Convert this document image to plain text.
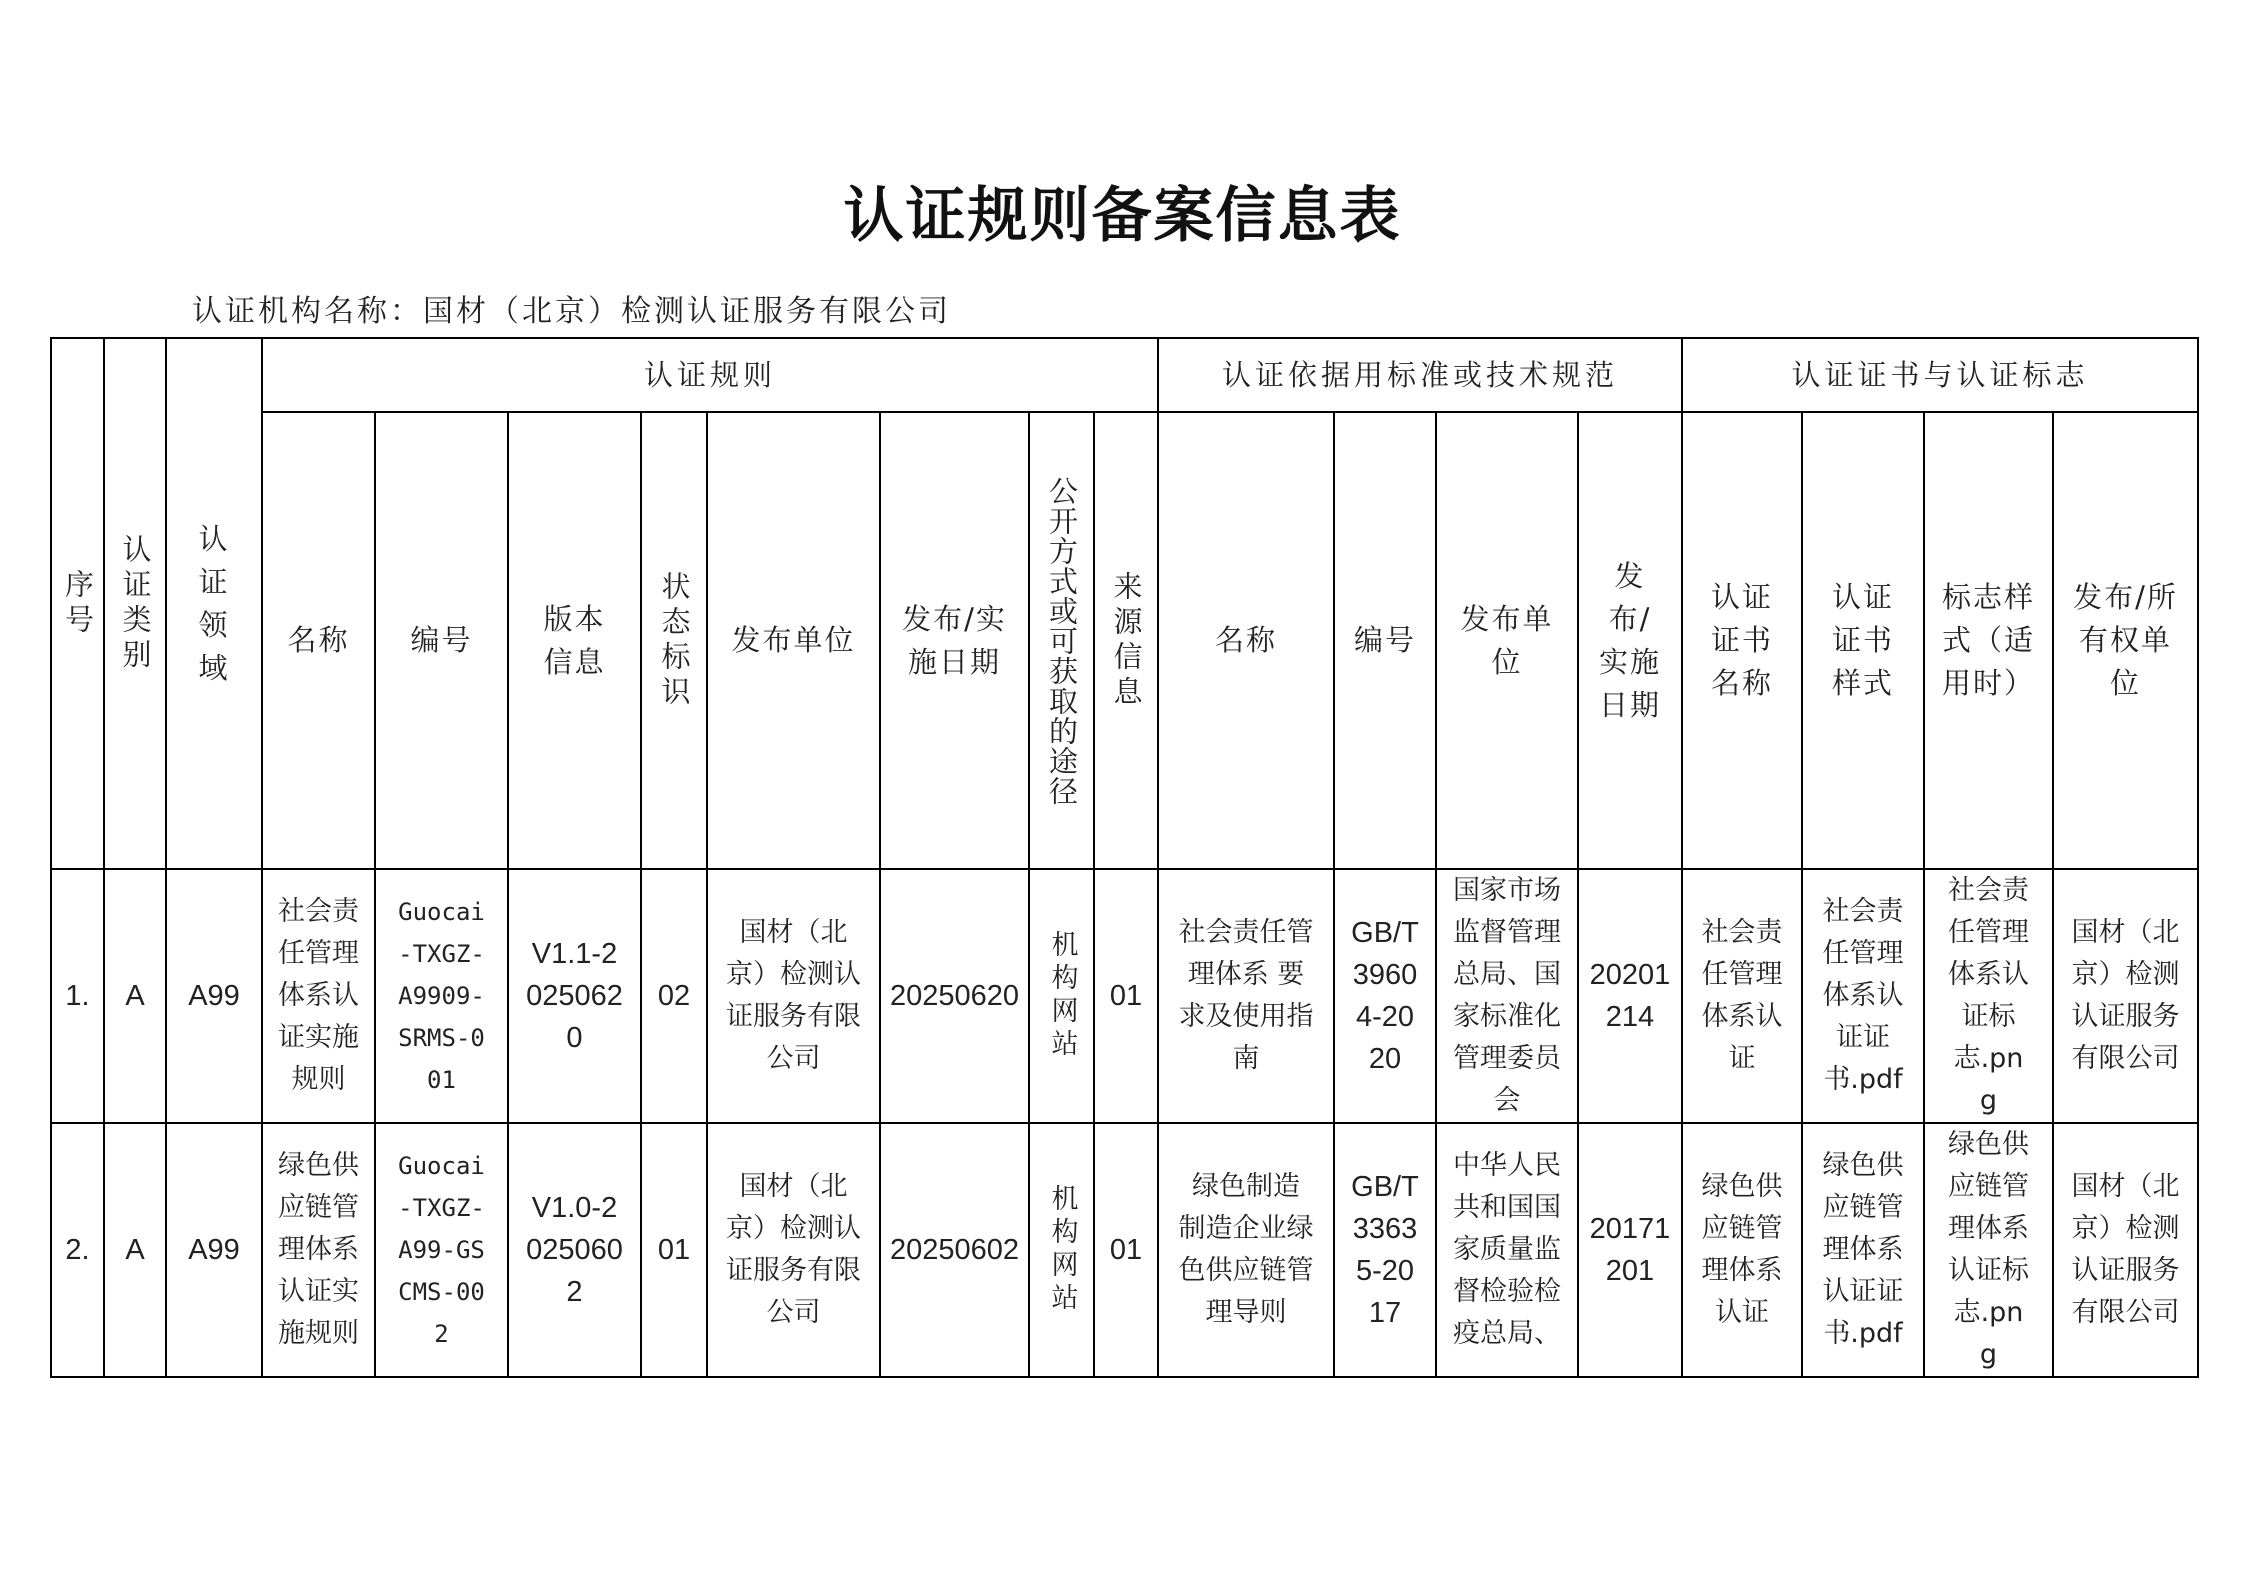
认证规则备案信息表
认证机构名称：国材（北京）检测认证服务有限公司
序号	认证类别	认证领域	认证规则								认证依据用标准或技术规范				认证证书与认证标志			
			名称	编号	版本信息	状态标识	发布单位	发布/实施日期	公开方式或可获取的途径	来源信息	名称	编号	发布单位	发布/实施日期	认证证书名称	认证证书样式	标志样式（适用时）	发布/所有权单位
1.	A	A99	社会责任管理体系认证实施规则	Guocai-TXGZ-A9909-SRMS-001	V1.1-20250620	02	国材（北京）检测认证服务有限公司	20250620	机构网站	01	社会责任管理体系 要求及使用指南	GB/T 39604-2020	国家市场监督管理总局、国家标准化管理委员会	20201214	社会责任管理体系认证	社会责任管理体系认证证书.pdf	社会责任管理体系认证标志.png	国材（北京）检测认证服务有限公司
2.	A	A99	绿色供应链管理体系认证实施规则	Guocai-TXGZ-A99-GSCMS-002	V1.0-20250602	01	国材（北京）检测认证服务有限公司	20250602	机构网站	01	绿色制造 制造企业绿色供应链管理导则	GB/T 33635-2017	中华人民共和国国家质量监督检验检疫总局、	20171201	绿色供应链管理体系认证	绿色供应链管理体系认证证书.pdf	绿色供应链管理体系认证标志.png	国材（北京）检测认证服务有限公司
